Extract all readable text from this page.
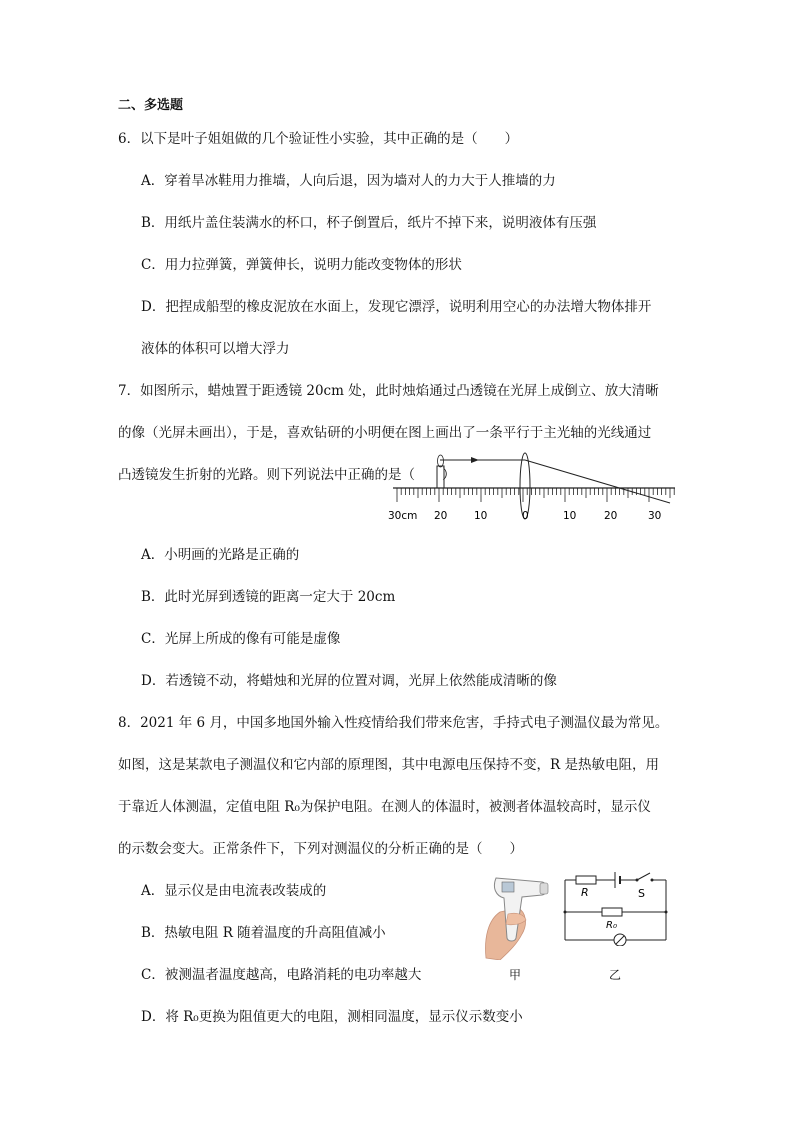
二、多选题
6．以下是叶子姐姐做的几个验证性小实验，其中正确的是（　　）
A．穿着旱冰鞋用力推墙，人向后退，因为墙对人的力大于人推墙的力
B．用纸片盖住装满水的杯口，杯子倒置后，纸片不掉下来，说明液体有压强
C．用力拉弹簧，弹簧伸长，说明力能改变物体的形状
D．把捏成船型的橡皮泥放在水面上，发现它漂浮，说明利用空心的办法增大物体排开
液体的体积可以增大浮力
7．如图所示，蜡烛置于距透镜 20cm 处，此时烛焰通过凸透镜在光屏上成倒立、放大清晰
的像（光屏未画出），于是，喜欢钻研的小明便在图上画出了一条平行于主光轴的光线通过
凸透镜发生折射的光路。则下列说法中正确的是（　　）
30cm 20	10	0	10	20	30
A．小明画的光路是正确的
B．此时光屏到透镜的距离一定大于 20cm
C．光屏上所成的像有可能是虚像
D．若透镜不动，将蜡烛和光屏的位置对调，光屏上依然能成清晰的像
8．2021 年 6 月，中国多地国外输入性疫情给我们带来危害，手持式电子测温仪最为常见。
如图，这是某款电子测温仪和它内部的原理图，其中电源电压保持不变，R 是热敏电阻，用
于靠近人体测温，定值电阻 R₀为保护电阻。在测人的体温时，被测者体温较高时，显示仪
的示数会变大。正常条件下，下列对测温仪的分析正确的是（　　）
A．显示仪是由电流表改装成的
B．热敏电阻 R 随着温度的升高阻值减小
C．被测温者温度越高，电路消耗的电功率越大
D．将 R₀更换为阻值更大的电阻，测相同温度，显示仪示数变小
甲
R	S
R₀
乙
